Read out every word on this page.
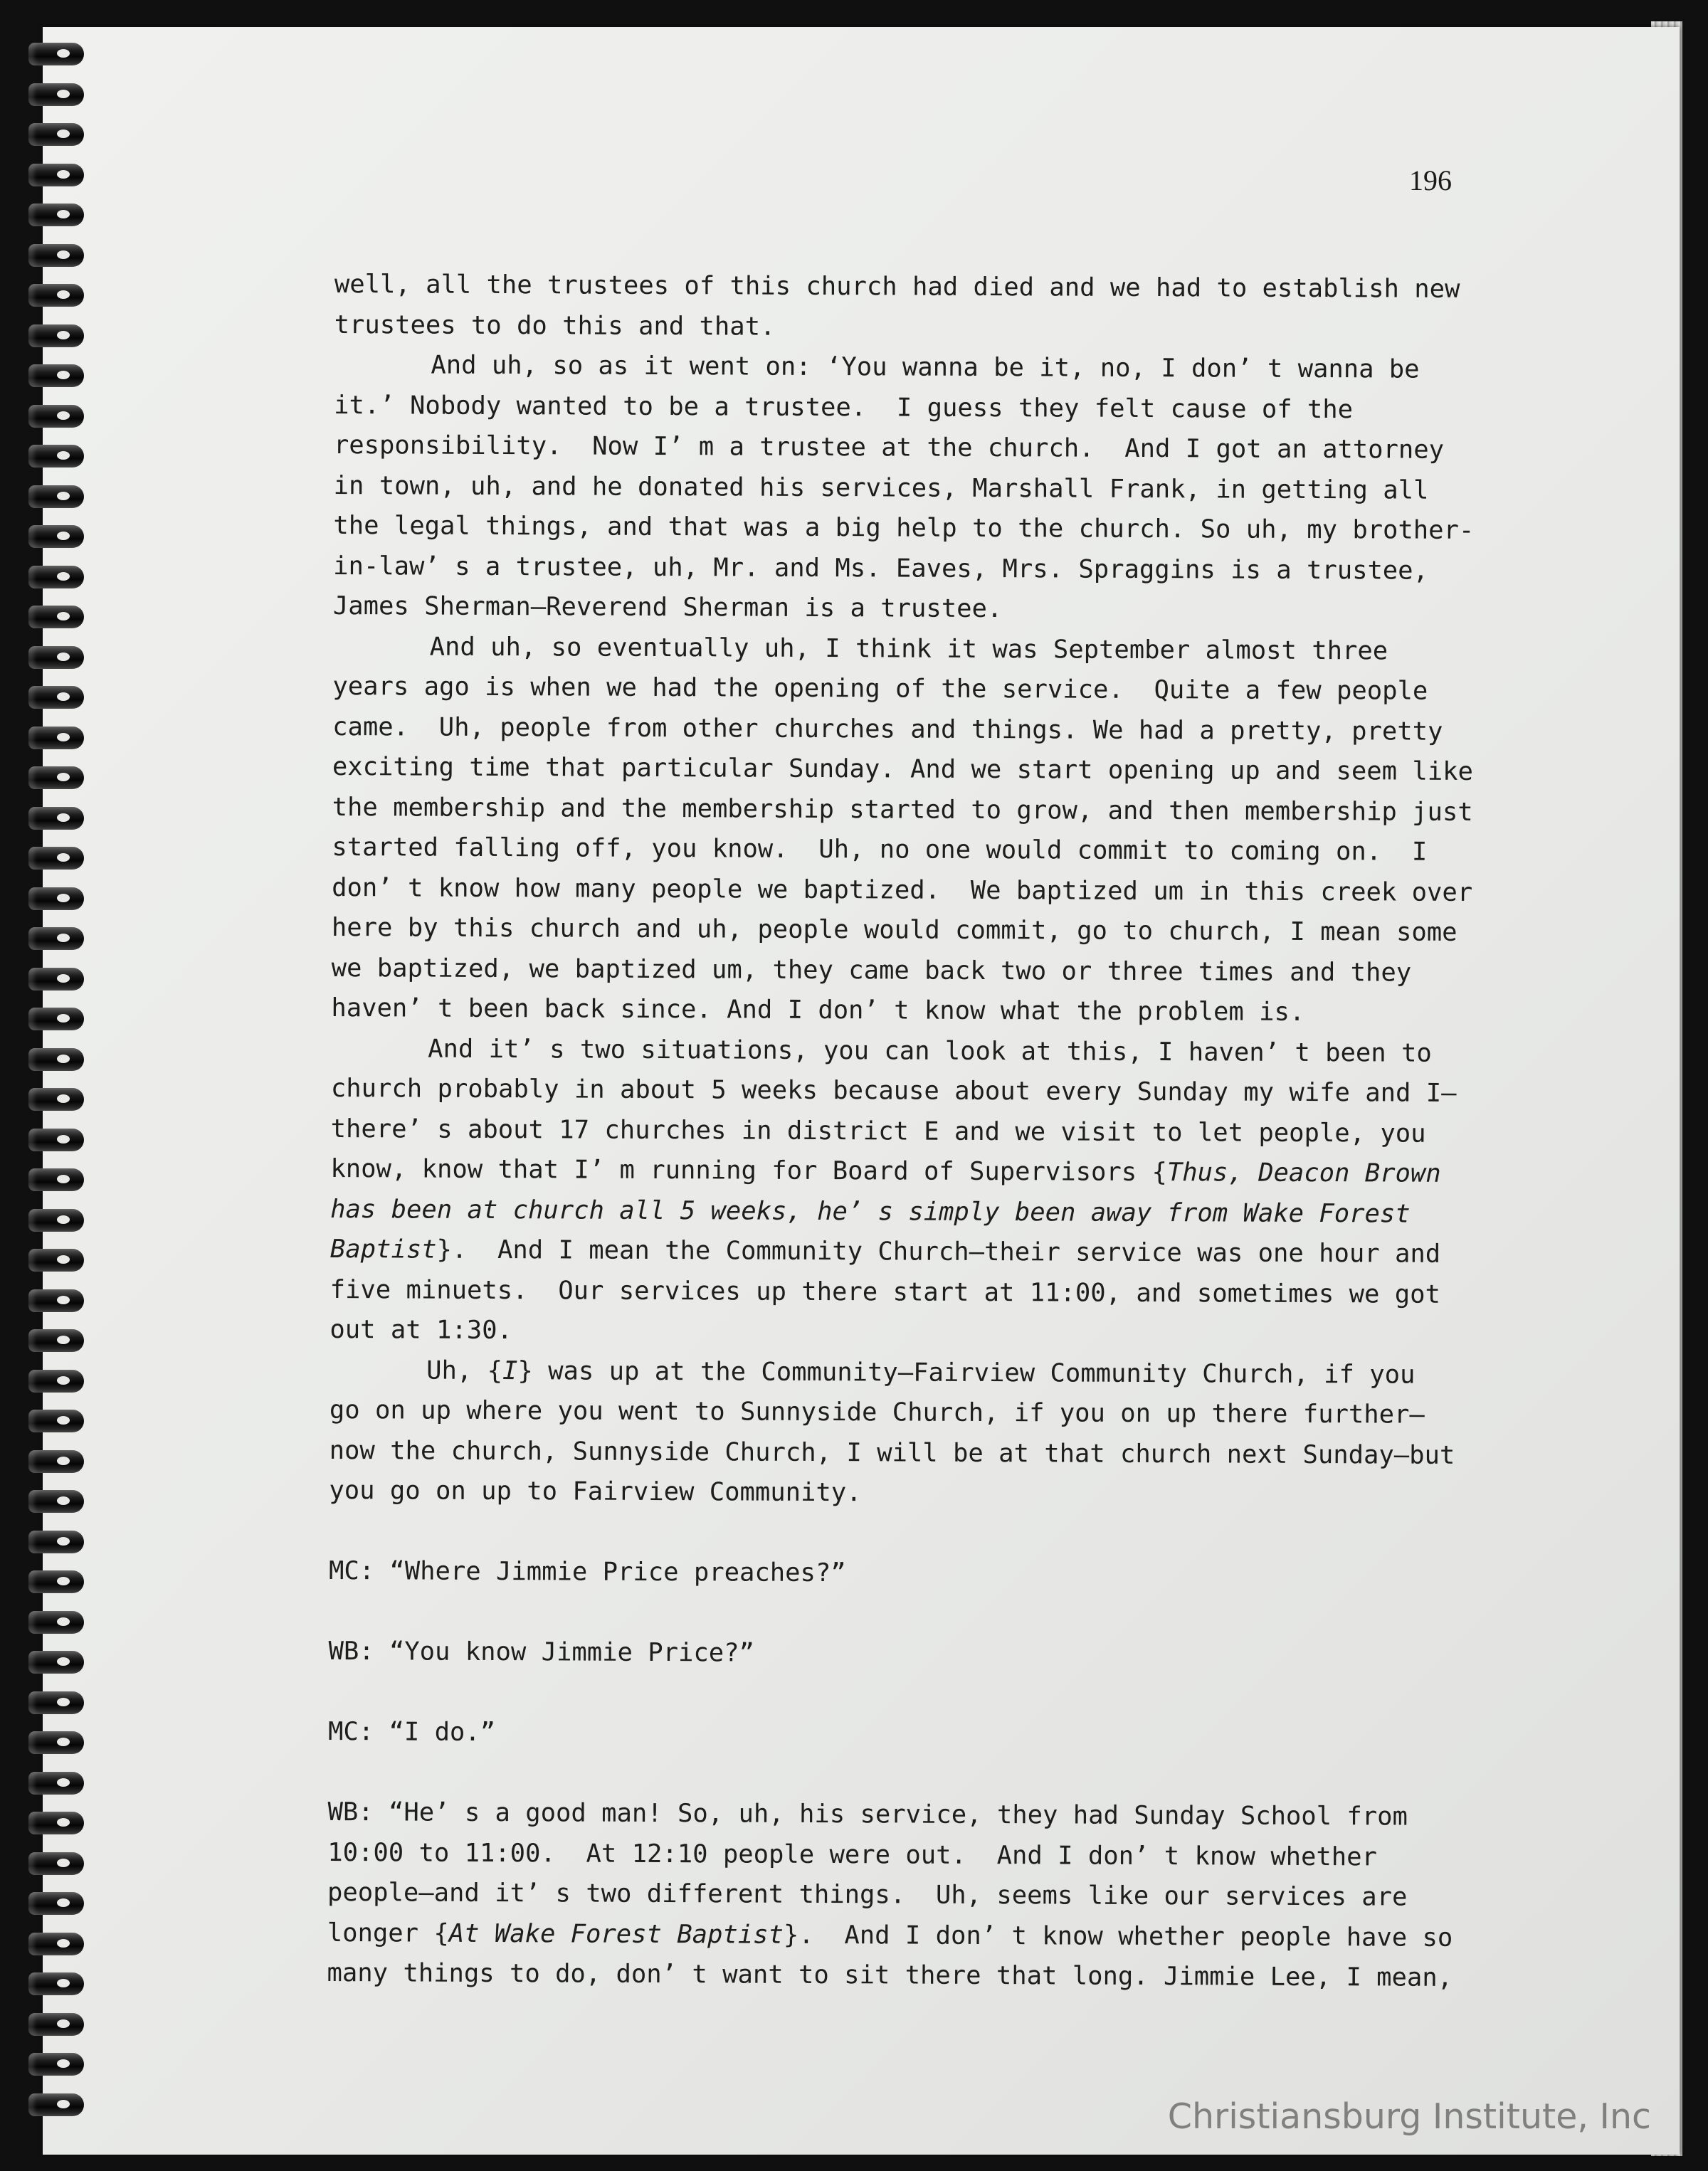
196
well, all the trustees of this church had died and we had to establish new
trustees to do this and that.
And uh, so as it went on: ‘You wanna be it, no, I don’ t wanna be
it.’ Nobody wanted to be a trustee.  I guess they felt cause of the
responsibility.  Now I’ m a trustee at the church.  And I got an attorney
in town, uh, and he donated his services, Marshall Frank, in getting all
the legal things, and that was a big help to the church. So uh, my brother-
in-law’ s a trustee, uh, Mr. and Ms. Eaves, Mrs. Spraggins is a trustee,
James Sherman—Reverend Sherman is a trustee.
And uh, so eventually uh, I think it was September almost three
years ago is when we had the opening of the service.  Quite a few people
came.  Uh, people from other churches and things. We had a pretty, pretty
exciting time that particular Sunday. And we start opening up and seem like
the membership and the membership started to grow, and then membership just
started falling off, you know.  Uh, no one would commit to coming on.  I
don’ t know how many people we baptized.  We baptized um in this creek over
here by this church and uh, people would commit, go to church, I mean some
we baptized, we baptized um, they came back two or three times and they
haven’ t been back since. And I don’ t know what the problem is.
And it’ s two situations, you can look at this, I haven’ t been to
church probably in about 5 weeks because about every Sunday my wife and I—
there’ s about 17 churches in district E and we visit to let people, you
know, know that I’ m running for Board of Supervisors {Thus, Deacon Brown
has been at church all 5 weeks, he’ s simply been away from Wake Forest
Baptist}.  And I mean the Community Church—their service was one hour and
five minuets.  Our services up there start at 11:00, and sometimes we got
out at 1:30.
Uh, {I} was up at the Community—Fairview Community Church, if you
go on up where you went to Sunnyside Church, if you on up there further—
now the church, Sunnyside Church, I will be at that church next Sunday—but
you go on up to Fairview Community.
MC: “Where Jimmie Price preaches?”
WB: “You know Jimmie Price?”
MC: “I do.”
WB: “He’ s a good man! So, uh, his service, they had Sunday School from
10:00 to 11:00.  At 12:10 people were out.  And I don’ t know whether
people—and it’ s two different things.  Uh, seems like our services are
longer {At Wake Forest Baptist}.  And I don’ t know whether people have so
many things to do, don’ t want to sit there that long. Jimmie Lee, I mean,
Christiansburg Institute, Inc
